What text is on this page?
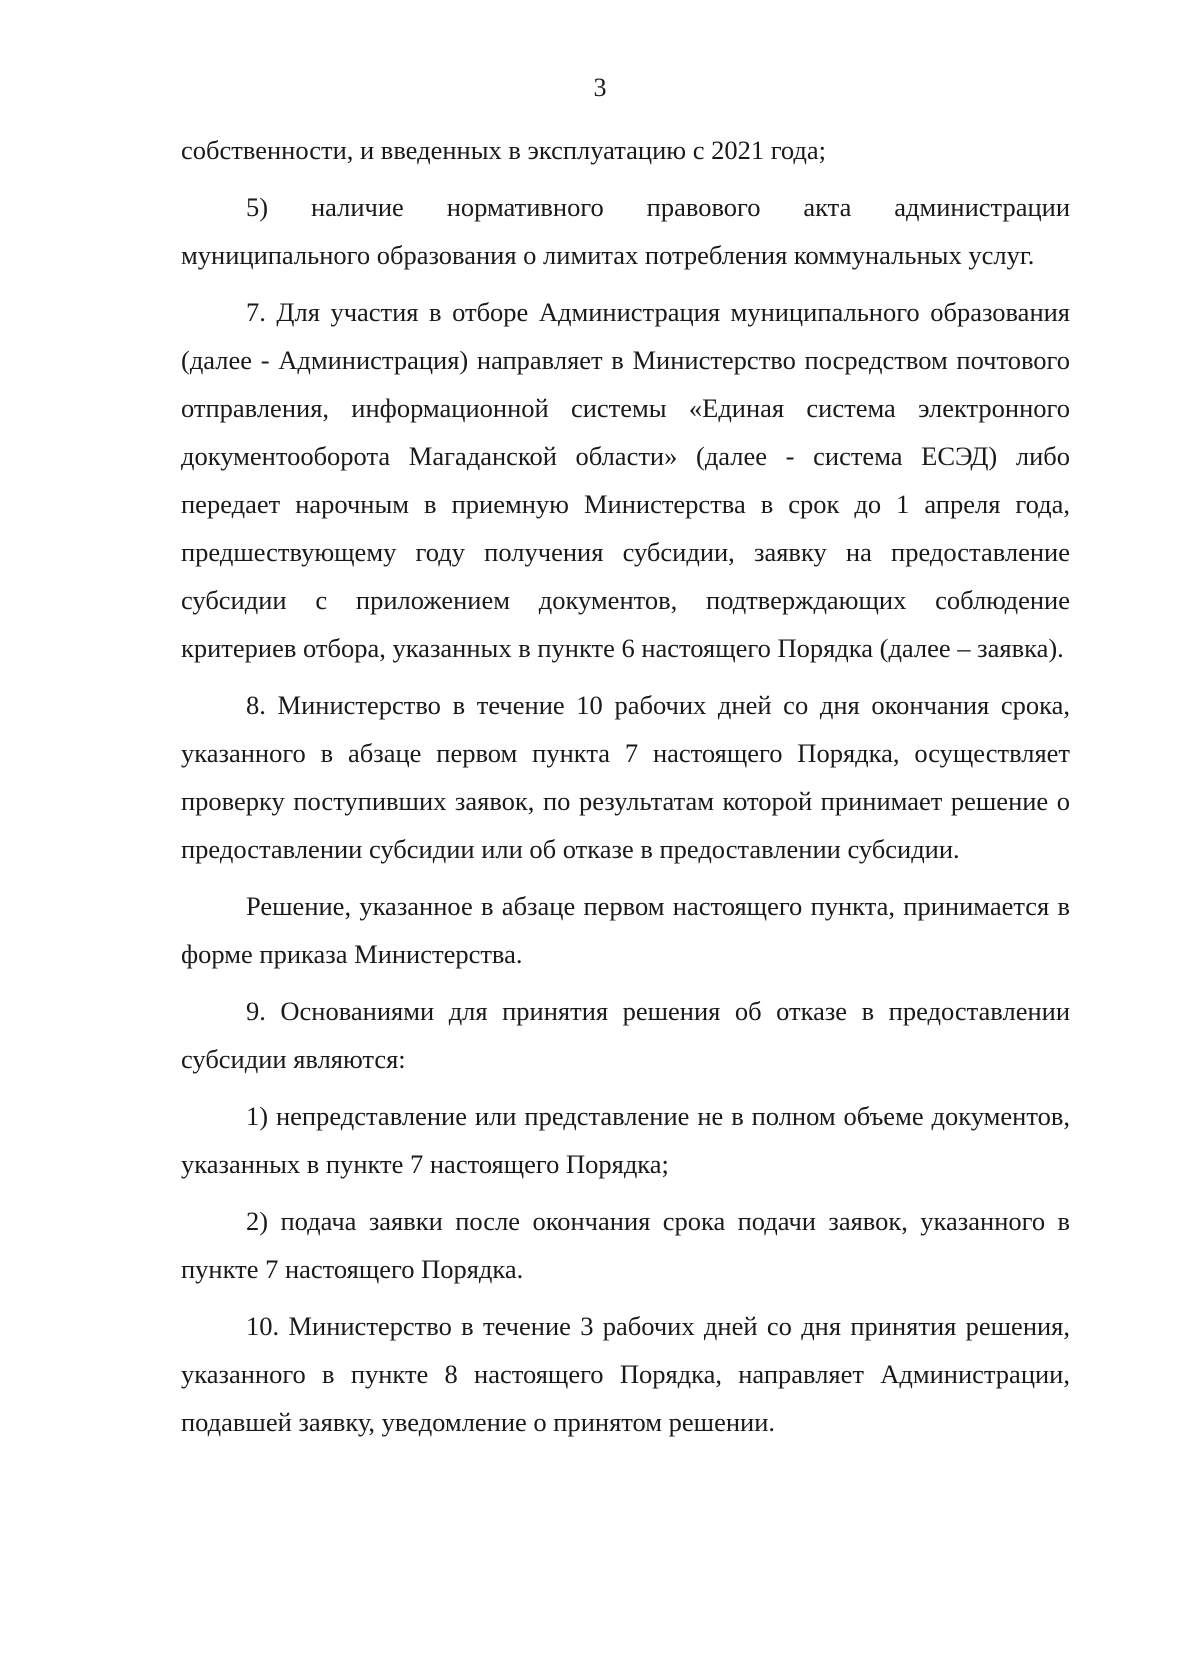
3

собственности, и введенных в эксплуатацию с 2021 года;

5) наличие нормативного правового акта администрации муниципального образования о лимитах потребления коммунальных услуг.

7. Для участия в отборе Администрация муниципального образования (далее - Администрация) направляет в Министерство посредством почтового отправления, информационной системы «Единая система электронного документооборота Магаданской области» (далее - система ЕСЭД) либо передает нарочным в приемную Министерства в срок до 1 апреля года, предшествующему году получения субсидии, заявку на предоставление субсидии с приложением документов, подтверждающих соблюдение критериев отбора, указанных в пункте 6 настоящего Порядка (далее – заявка).

8. Министерство в течение 10 рабочих дней со дня окончания срока, указанного в абзаце первом пункта 7 настоящего Порядка, осуществляет проверку поступивших заявок, по результатам которой принимает решение о предоставлении субсидии или об отказе в предоставлении субсидии.

Решение, указанное в абзаце первом настоящего пункта, принимается в форме приказа Министерства.

9. Основаниями для принятия решения об отказе в предоставлении субсидии являются:

1) непредставление или представление не в полном объеме документов, указанных в пункте 7 настоящего Порядка;

2) подача заявки после окончания срока подачи заявок, указанного в пункте 7 настоящего Порядка.

10. Министерство в течение 3 рабочих дней со дня принятия решения, указанного в пункте 8 настоящего Порядка, направляет Администрации, подавшей заявку, уведомление о принятом решении.
